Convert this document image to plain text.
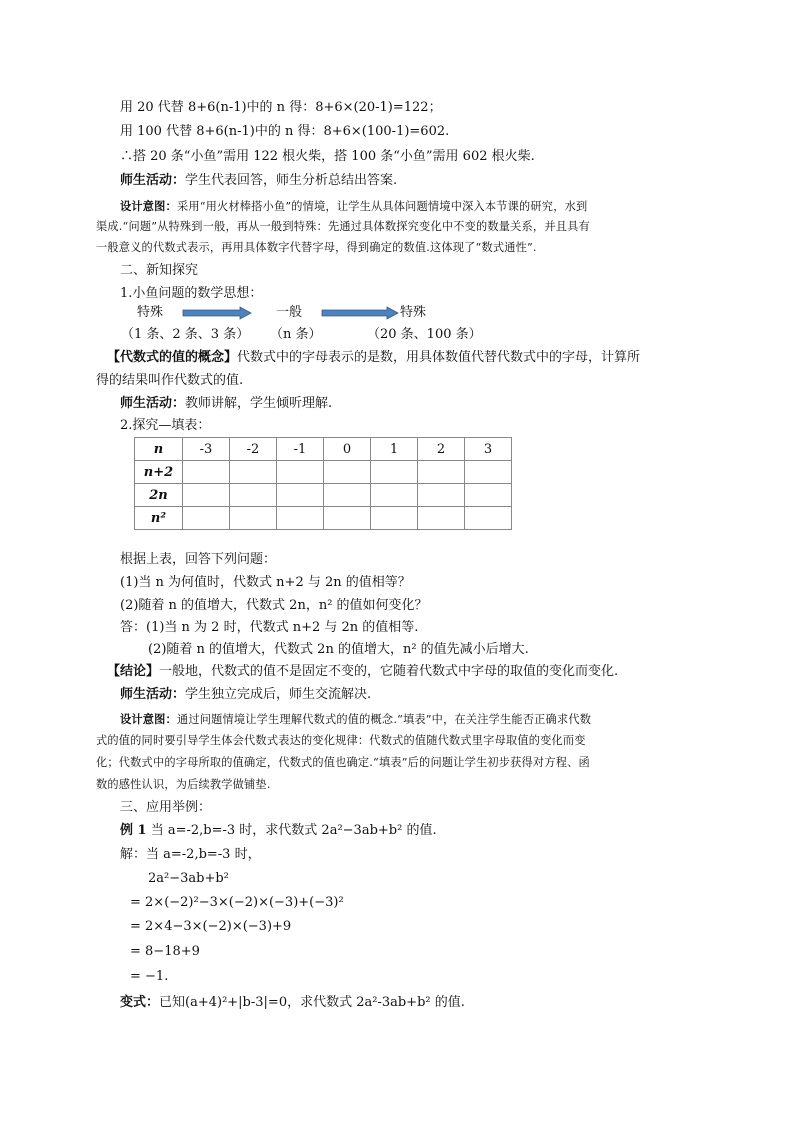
用 20 代替 8+6(n-1)中的 n 得：8+6×(20-1)=122；
用 100 代替 8+6(n-1)中的 n 得：8+6×(100-1)=602.
∴搭 20 条“小鱼”需用 122 根火柴，搭 100 条“小鱼”需用 602 根火柴.
师生活动：学生代表回答，师生分析总结出答案.
设计意图：采用“用火材棒搭小鱼”的情境，让学生从具体问题情境中深入本节课的研究，水到
渠成.“问题”从特殊到一般，再从一般到特殊：先通过具体数探究变化中不变的数量关系，并且具有
一般意义的代数式表示，再用具体数字代替字母，得到确定的数值.这体现了“数式通性”.
二、新知探究
1.小鱼问题的数学思想：
特殊	一般	特殊
（1 条、2 条、3 条） （n 条）	（20 条、100 条）
【代数式的值的概念】代数式中的字母表示的是数，用具体数值代替代数式中的字母，计算所
得的结果叫作代数式的值.
师生活动：教师讲解，学生倾听理解.
2.探究—填表：
n	-3	-2	-1	0	1	2	3
n+2							
2n							
n²							
根据上表，回答下列问题：
(1)当 n 为何值时，代数式 n+2 与 2n 的值相等？
(2)随着 n 的值增大，代数式 2n，n² 的值如何变化？
答：(1)当 n 为 2 时，代数式 n+2 与 2n 的值相等.
(2)随着 n 的值增大，代数式 2n 的值增大，n² 的值先减小后增大.
【结论】一般地，代数式的值不是固定不变的，它随着代数式中字母的取值的变化而变化.
师生活动：学生独立完成后，师生交流解决.
设计意图：通过问题情境让学生理解代数式的值的概念.“填表”中，在关注学生能否正确求代数
式的值的同时要引导学生体会代数式表达的变化规律：代数式的值随代数式里字母取值的变化而变
化；代数式中的字母所取的值确定，代数式的值也确定.“填表”后的问题让学生初步获得对方程、函
数的感性认识，为后续教学做铺垫.
三、应用举例：
例 1 当 a=-2,b=-3 时，求代数式 2a²−3ab+b² 的值.
解：当 a=-2,b=-3 时，
2a²−3ab+b²
= 2×(−2)²−3×(−2)×(−3)+(−3)²
= 2×4−3×(−2)×(−3)+9
= 8−18+9
= −1.
变式：已知(a+4)²+|b-3|=0，求代数式 2a²-3ab+b² 的值.
